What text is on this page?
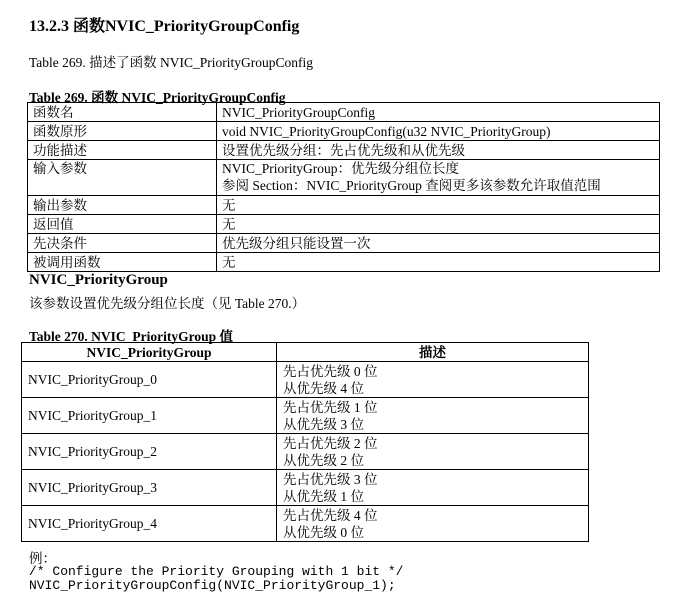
13.2.3 函数NVIC_PriorityGroupConfig
Table 269. 描述了函数 NVIC_PriorityGroupConfig
Table 269. 函数 NVIC_PriorityGroupConfig
函数名	NVIC_PriorityGroupConfig
函数原形	void NVIC_PriorityGroupConfig(u32 NVIC_PriorityGroup)
功能描述	设置优先级分组：先占优先级和从优先级
输入参数	NVIC_PriorityGroup：优先级分组位长度
参阅 Section：NVIC_PriorityGroup 查阅更多该参数允许取值范围

输出参数	无
返回值	无
先决条件	优先级分组只能设置一次
被调用函数	无
NVIC_PriorityGroup
该参数设置优先级分组位长度（见 Table 270.）
Table 270. NVIC_PriorityGroup 值
NVIC_PriorityGroup	描述
NVIC_PriorityGroup_0	先占优先级 0 位
从优先级 4 位

NVIC_PriorityGroup_1	先占优先级 1 位
从优先级 3 位

NVIC_PriorityGroup_2	先占优先级 2 位
从优先级 2 位

NVIC_PriorityGroup_3	先占优先级 3 位
从优先级 1 位

NVIC_PriorityGroup_4	先占优先级 4 位
从优先级 0 位
例：
/* Configure the Priority Grouping with 1 bit */
NVIC_PriorityGroupConfig(NVIC_PriorityGroup_1);
